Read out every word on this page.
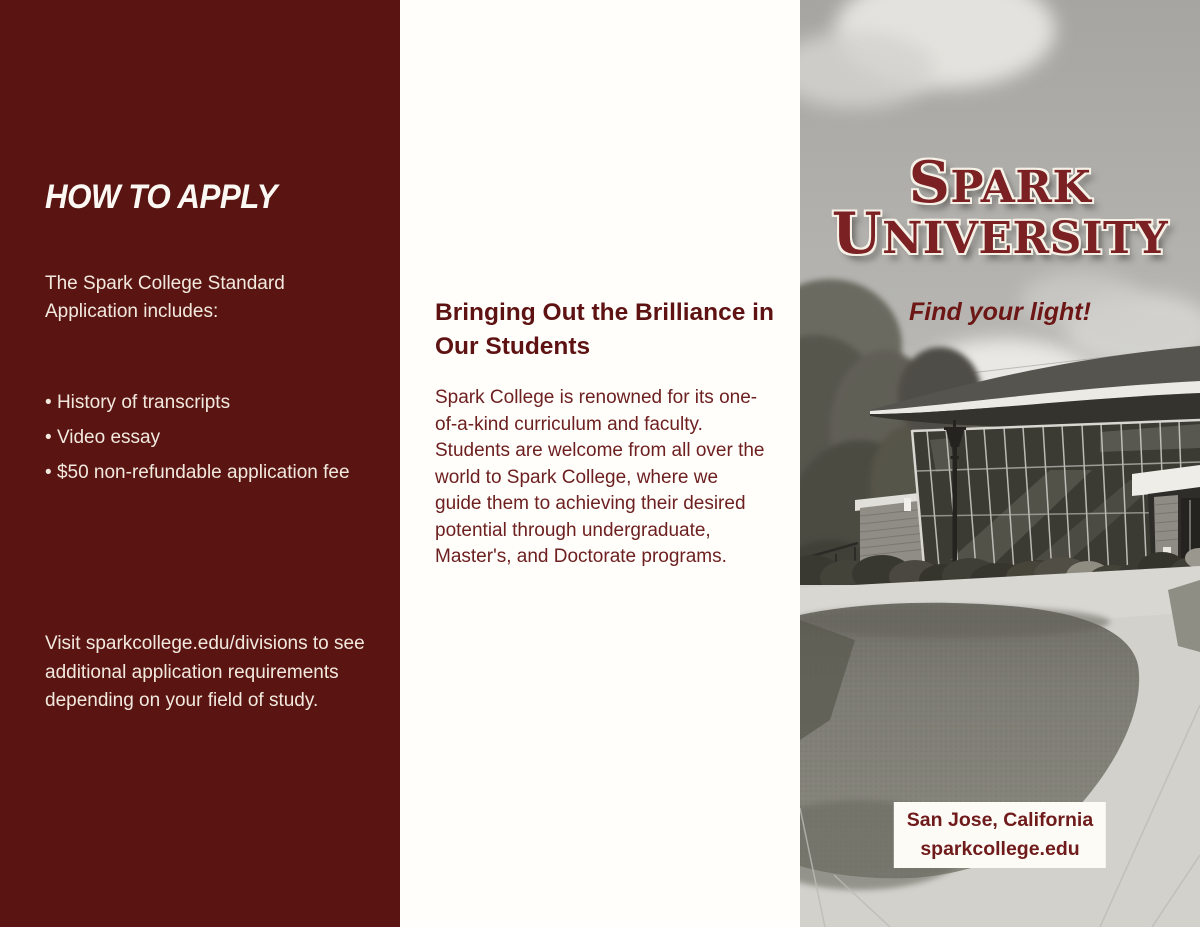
HOW TO APPLY
The Spark College Standard Application includes:
• History of transcripts
• Video essay
• $50 non-refundable application fee
Visit sparkcollege.edu/divisions to see additional application requirements depending on your field of study.
Bringing Out the Brilliance in Our Students

Spark College is renowned for its one-of-a-kind curriculum and faculty.

Students are welcome from all over the world to Spark College, where we guide them to achieving their desired potential through undergraduate, Master's, and Doctorate programs.

SPARK
UNIVERSITY
Find your light!
San Jose, California
sparkcollege.edu
